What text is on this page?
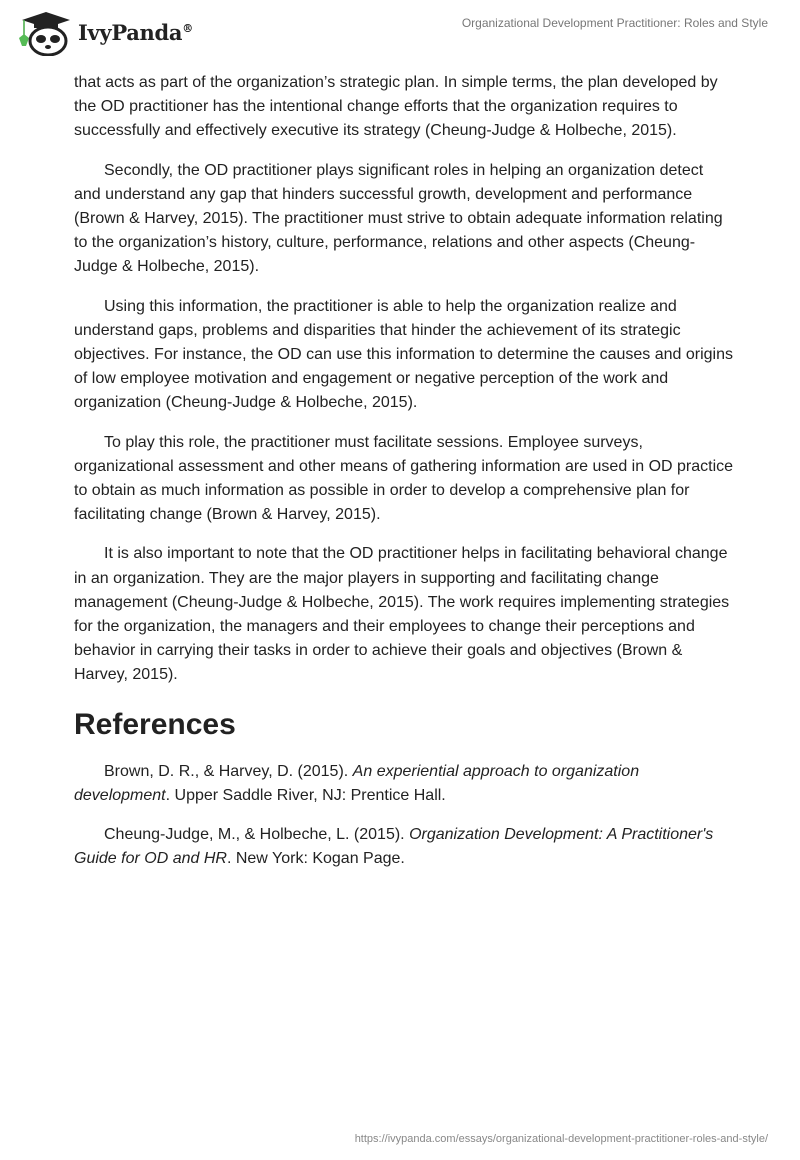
IvyPanda®	Organizational Development Practitioner: Roles and Style

that acts as part of the organization’s strategic plan. In simple terms, the plan developed by the OD practitioner has the intentional change efforts that the organization requires to successfully and effectively executive its strategy (Cheung-Judge & Holbeche, 2015).

Secondly, the OD practitioner plays significant roles in helping an organization detect and understand any gap that hinders successful growth, development and performance (Brown & Harvey, 2015). The practitioner must strive to obtain adequate information relating to the organization’s history, culture, performance, relations and other aspects (Cheung-Judge & Holbeche, 2015).

Using this information, the practitioner is able to help the organization realize and understand gaps, problems and disparities that hinder the achievement of its strategic objectives. For instance, the OD can use this information to determine the causes and origins of low employee motivation and engagement or negative perception of the work and organization (Cheung-Judge & Holbeche, 2015).

To play this role, the practitioner must facilitate sessions. Employee surveys, organizational assessment and other means of gathering information are used in OD practice to obtain as much information as possible in order to develop a comprehensive plan for facilitating change (Brown & Harvey, 2015).

It is also important to note that the OD practitioner helps in facilitating behavioral change in an organization. They are the major players in supporting and facilitating change management (Cheung-Judge & Holbeche, 2015). The work requires implementing strategies for the organization, the managers and their employees to change their perceptions and behavior in carrying their tasks in order to achieve their goals and objectives (Brown & Harvey, 2015).

References

Brown, D. R., & Harvey, D. (2015). An experiential approach to organization development. Upper Saddle River, NJ: Prentice Hall.

Cheung-Judge, M., & Holbeche, L. (2015). Organization Development: A Practitioner's Guide for OD and HR. New York: Kogan Page.

https://ivypanda.com/essays/organizational-development-practitioner-roles-and-style/
